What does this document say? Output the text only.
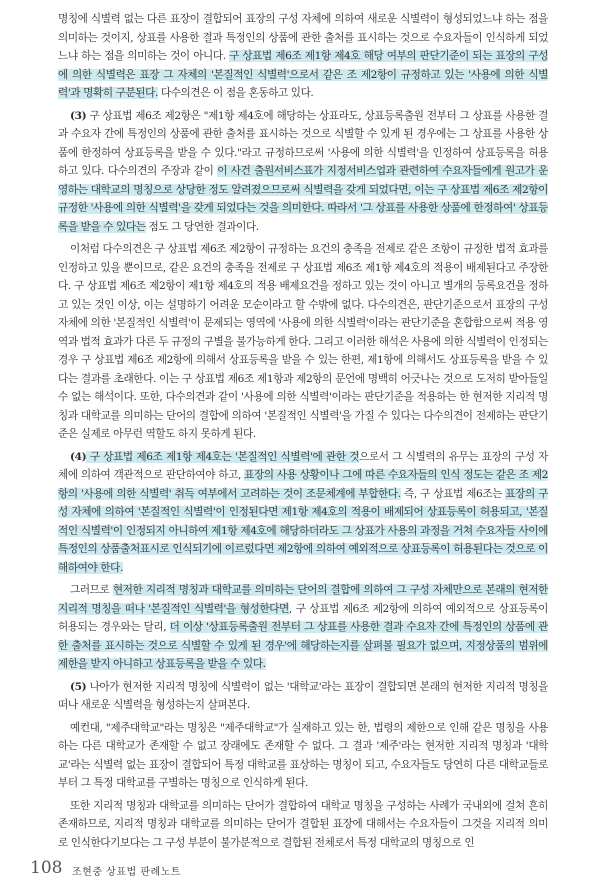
명칭에 식별력 없는 다른 표장이 결합되어 표장의 구성 자체에 의하여 새로운 식별력이 형성되었느냐 하는 점을 의미하는 것이지, 상표를 사용한 결과 특정인의 상품에 관한 출처를 표시하는 것으로 수요자들이 인식하게 되었느냐 하는 점을 의미하는 것이 아니다. 구 상표법 제6조 제1항 제4호 해당 여부의 판단기준이 되는 표장의 구성에 의한 식별력은 표장 그 자체의 '본질적인 식별력'으로서 같은 조 제2항이 규정하고 있는 '사용에 의한 식별력'과 명확히 구분된다. 다수의견은 이 점을 혼동하고 있다.

(3) 구 상표법 제6조 제2항은 "제1항 제4호에 해당하는 상표라도, 상표등록출원 전부터 그 상표를 사용한 결과 수요자 간에 특정인의 상품에 관한 출처를 표시하는 것으로 식별할 수 있게 된 경우에는 그 상표를 사용한 상품에 한정하여 상표등록을 받을 수 있다."라고 규정하므로써 '사용에 의한 식별력'을 인정하여 상표등록을 허용하고 있다. 다수의견의 주장과 같이 이 사건 출원서비스표가 지정서비스업과 관련하여 수요자들에게 원고가 운영하는 대학교의 명칭으로 상당한 정도 알려졌으므로써 식별력을 갖게 되었다면, 이는 구 상표법 제6조 제2항이 규정한 '사용에 의한 식별력'을 갖게 되었다는 것을 의미한다. 따라서 '그 상표를 사용한 상품에 한정하여' 상표등록을 받을 수 있다는 점도 그 당연한 결과이다.

이처럼 다수의견은 구 상표법 제6조 제2항이 규정하는 요건의 충족을 전제로 같은 조항이 규정한 법적 효과를 인정하고 있을 뿐이므로, 같은 요건의 충족을 전제로 구 상표법 제6조 제1항 제4호의 적용이 배제된다고 주장한다. 구 상표법 제6조 제2항이 제1항 제4호의 적용 배제요건을 정하고 있는 것이 아니고 별개의 등록요건을 정하고 있는 것인 이상, 이는 설명하기 어려운 모순이라고 할 수밖에 없다. 다수의견은, 판단기준으로서 표장의 구성 자체에 의한 '본질적인 식별력'이 문제되는 영역에 '사용에 의한 식별력'이라는 판단기준을 혼합함으로써 적용 영역과 법적 효과가 다른 두 규정의 구별을 불가능하게 한다. 그리고 이러한 해석은 사용에 의한 식별력이 인정되는 경우 구 상표법 제6조 제2항에 의해서 상표등록을 받을 수 있는 한편, 제1항에 의해서도 상표등록을 받을 수 있다는 결과를 초래한다. 이는 구 상표법 제6조 제1항과 제2항의 문언에 명백히 어긋나는 것으로 도저히 받아들일 수 없는 해석이다. 또한, 다수의견과 같이 '사용에 의한 식별력'이라는 판단기준을 적용하는 한 현저한 지리적 명칭과 대학교를 의미하는 단어의 결합에 의하여 '본질적인 식별력'을 가질 수 있다는 다수의견이 전제하는 판단기준은 실제로 아무런 역할도 하지 못하게 된다.

(4) 구 상표법 제6조 제1항 제4호는 '본질적인 식별력'에 관한 것으로서 그 식별력의 유무는 표장의 구성 자체에 의하여 객관적으로 판단하여야 하고, 표장의 사용 상황이나 그에 따른 수요자들의 인식 정도는 같은 조 제2항의 '사용에 의한 식별력' 취득 여부에서 고려하는 것이 조문체계에 부합한다. 즉, 구 상표법 제6조는 표장의 구성 자체에 의하여 '본질적인 식별력'이 인정된다면 제1항 제4호의 적용이 배제되어 상표등록이 허용되고, '본질적인 식별력'이 인정되지 아니하여 제1항 제4호에 해당하더라도 그 상표가 사용의 과정을 거쳐 수요자들 사이에 특정인의 상품출처표시로 인식되기에 이르렀다면 제2항에 의하여 예외적으로 상표등록이 허용된다는 것으로 이해하여야 한다.

그러므로 현저한 지리적 명칭과 대학교를 의미하는 단어의 결합에 의하여 그 구성 자체만으로 본래의 현저한 지리적 명칭을 떠나 '본질적인 식별력'을 형성한다면, 구 상표법 제6조 제2항에 의하여 예외적으로 상표등록이 허용되는 경우와는 달리, 더 이상 '상표등록출원 전부터 그 상표를 사용한 결과 수요자 간에 특정인의 상품에 관한 출처를 표시하는 것으로 식별할 수 있게 된 경우'에 해당하는지를 살펴볼 필요가 없으며, 지정상품의 범위에 제한을 받지 아니하고 상표등록을 받을 수 있다.

(5) 나아가 현저한 지리적 명칭에 식별력이 없는 '대학교'라는 표장이 결합되면 본래의 현저한 지리적 명칭을 떠나 새로운 식별력을 형성하는지 살펴본다.

예컨대, "제주대학교"라는 명칭은 "제주대학교"가 실재하고 있는 한, 법령의 제한으로 인해 같은 명칭을 사용하는 다른 대학교가 존재할 수 없고 장래에도 존재할 수 없다. 그 결과 '제주'라는 현저한 지리적 명칭과 '대학교'라는 식별력 없는 표장이 결합되어 특정 대학교를 표상하는 명칭이 되고, 수요자들도 당연히 다른 대학교들로부터 그 특정 대학교를 구별하는 명칭으로 인식하게 된다.

또한 지리적 명칭과 대학교를 의미하는 단어가 결합하여 대학교 명칭을 구성하는 사례가 국내외에 걸쳐 흔히 존재하므로, 지리적 명칭과 대학교를 의미하는 단어가 결합된 표장에 대해서는 수요자들이 그것을 지리적 의미로 인식한다기보다는 그 구성 부분이 불가분적으로 결합된 전체로서 특정 대학교의 명칭으로 인

108 조현중 상표법 판례노트
